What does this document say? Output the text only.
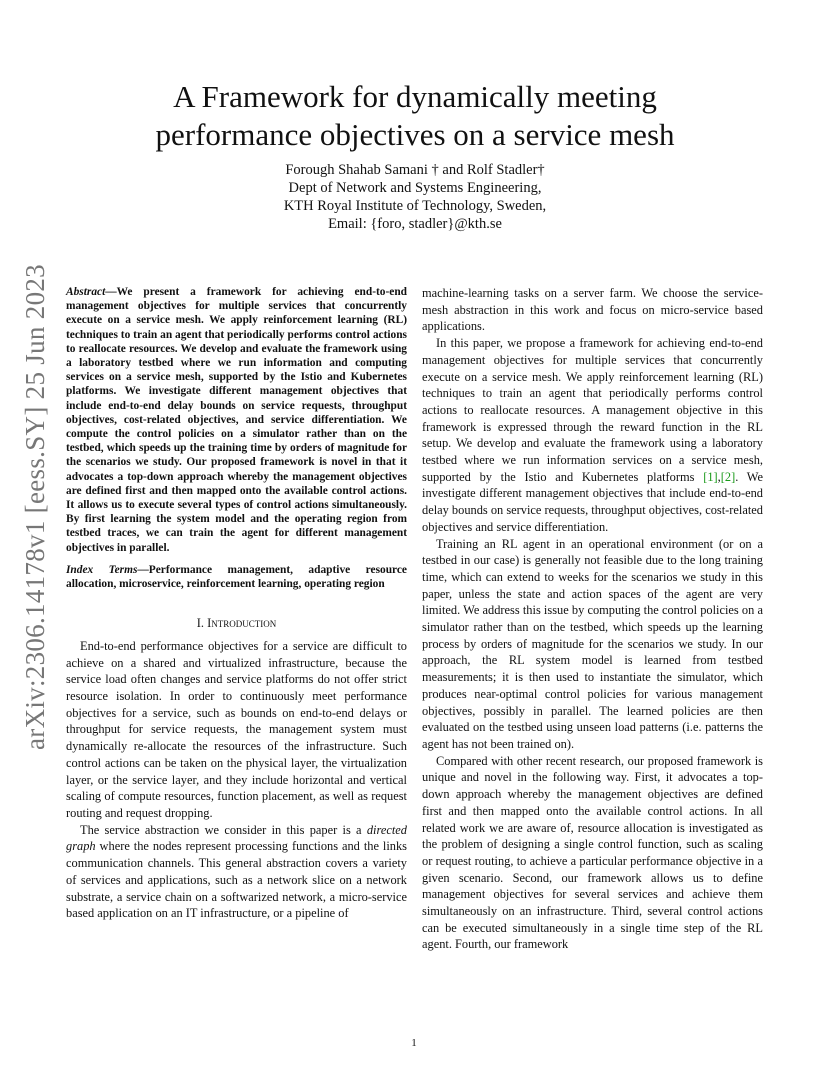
arXiv:2306.14178v1 [eess.SY] 25 Jun 2023
A Framework for dynamically meeting
performance objectives on a service mesh
Forough Shahab Samani † and Rolf Stadler†
Dept of Network and Systems Engineering,
KTH Royal Institute of Technology, Sweden,
Email: {foro, stadler}@kth.se

Abstract—We present a framework for achieving end-to-end management objectives for multiple services that concurrently execute on a service mesh. We apply reinforcement learning (RL) techniques to train an agent that periodically performs control actions to reallocate resources. We develop and evaluate the framework using a laboratory testbed where we run information and computing services on a service mesh, supported by the Istio and Kubernetes platforms. We investigate different management objectives that include end-to-end delay bounds on service requests, throughput objectives, cost-related objectives, and service differentiation. We compute the control policies on a simulator rather than on the testbed, which speeds up the training time by orders of magnitude for the scenarios we study. Our proposed framework is novel in that it advocates a top-down approach whereby the management objectives are defined first and then mapped onto the available control actions. It allows us to execute several types of control actions simultaneously. By first learning the system model and the operating region from testbed traces, we can train the agent for different management objectives in parallel.

Index Terms—Performance management, adaptive resource allocation, microservice, reinforcement learning, operating region

I. Introduction

End-to-end performance objectives for a service are difficult to achieve on a shared and virtualized infrastructure, because the service load often changes and service platforms do not offer strict resource isolation. In order to continuously meet performance objectives for a service, such as bounds on end-to-end delays or throughput for service requests, the management system must dynamically re-allocate the resources of the infrastructure. Such control actions can be taken on the physical layer, the virtualization layer, or the service layer, and they include horizontal and vertical scaling of compute resources, function placement, as well as request routing and request dropping.

The service abstraction we consider in this paper is a directed graph where the nodes represent processing functions and the links communication channels. This general abstraction covers a variety of services and applications, such as a network slice on a network substrate, a service chain on a softwarized network, a micro-service based application on an IT infrastructure, or a pipeline of

machine-learning tasks on a server farm. We choose the service-mesh abstraction in this work and focus on micro-service based applications.

In this paper, we propose a framework for achieving end-to-end management objectives for multiple services that concurrently execute on a service mesh. We apply reinforcement learning (RL) techniques to train an agent that periodically performs control actions to reallocate resources. A management objective in this framework is expressed through the reward function in the RL setup. We develop and evaluate the framework using a laboratory testbed where we run information services on a service mesh, supported by the Istio and Kubernetes platforms [1],[2]. We investigate different management objectives that include end-to-end delay bounds on service requests, throughput objectives, cost-related objectives and service differentiation.

Training an RL agent in an operational environment (or on a testbed in our case) is generally not feasible due to the long training time, which can extend to weeks for the scenarios we study in this paper, unless the state and action spaces of the agent are very limited. We address this issue by computing the control policies on a simulator rather than on the testbed, which speeds up the learning process by orders of magnitude for the scenarios we study. In our approach, the RL system model is learned from testbed measurements; it is then used to instantiate the simulator, which produces near-optimal control policies for various management objectives, possibly in parallel. The learned policies are then evaluated on the testbed using unseen load patterns (i.e. patterns the agent has not been trained on).

Compared with other recent research, our proposed framework is unique and novel in the following way. First, it advocates a top-down approach whereby the management objectives are defined first and then mapped onto the available control actions. In all related work we are aware of, resource allocation is investigated as the problem of designing a single control function, such as scaling or request routing, to achieve a particular performance objective in a given scenario. Second, our framework allows us to define management objectives for several services and achieve them simultaneously on an infrastructure. Third, several control actions can be executed simultaneously in a single time step of the RL agent. Fourth, our framework

1
